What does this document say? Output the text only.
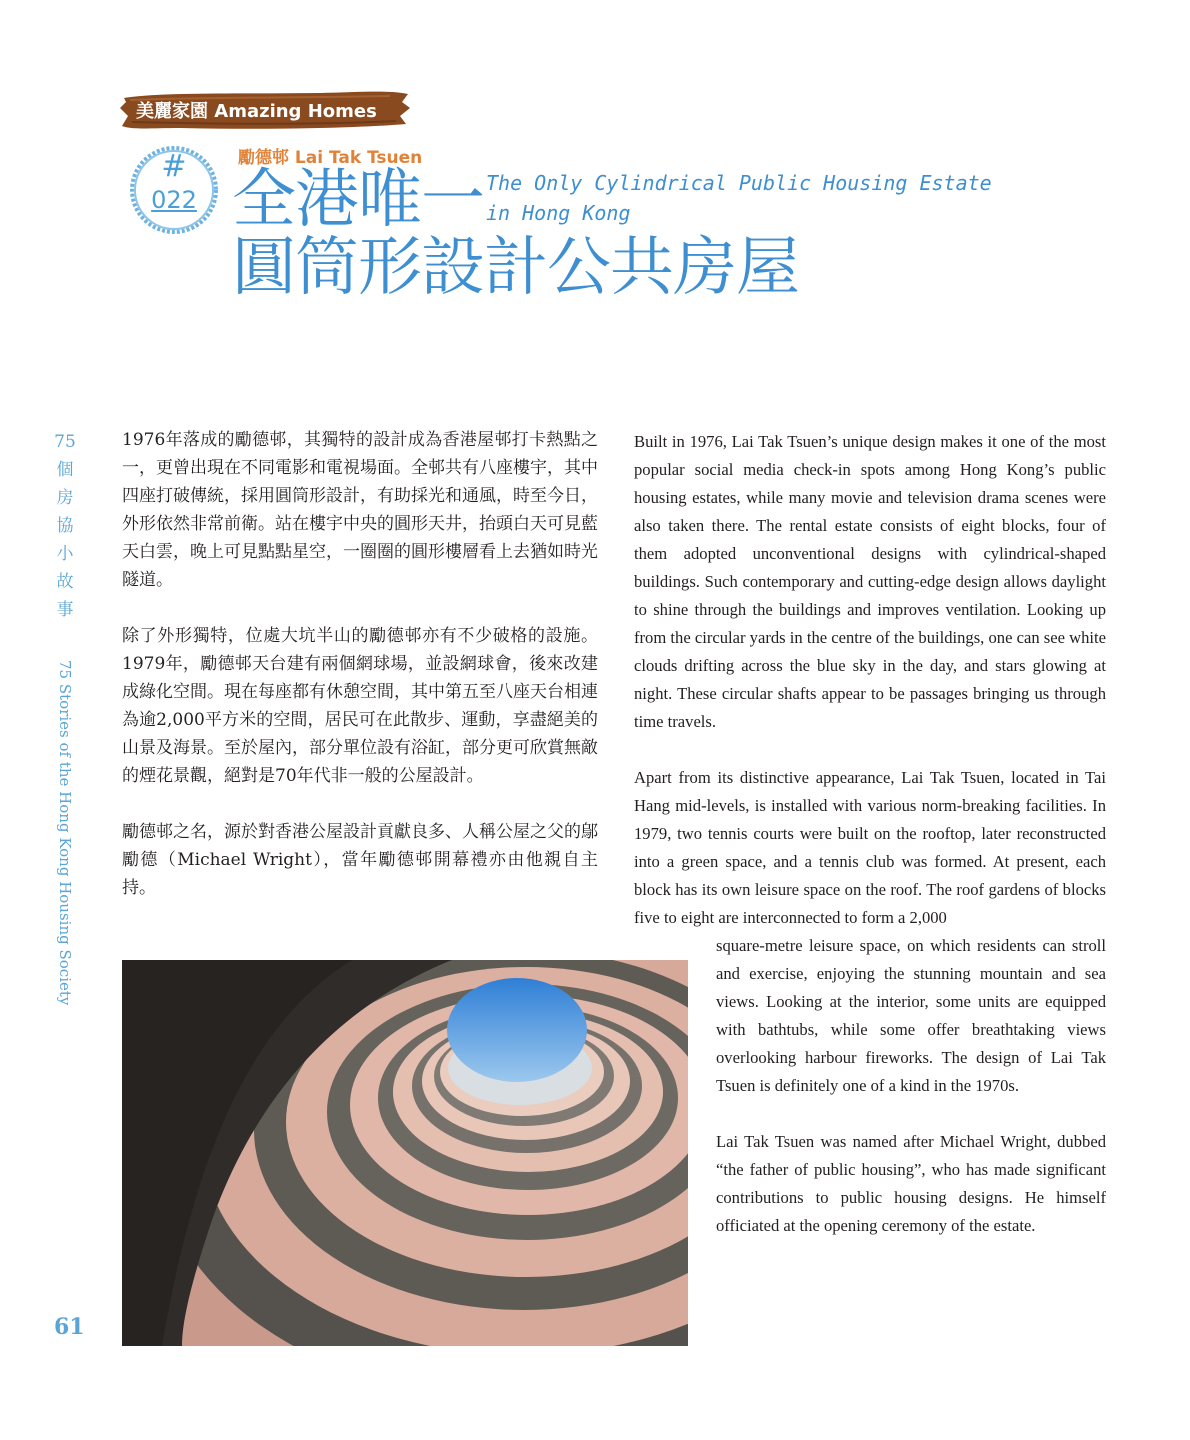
美麗家園 Amazing Homes
#
022
勵德邨 Lai Tak Tsuen
全港唯一
圓筒形設計公共房屋
The Only Cylindrical Public Housing Estate in Hong Kong
75
個
房
協
小
故
事
75 Stories of the Hong Kong Housing Society
61

1976年落成的勵德邨，其獨特的設計成為香港屋邨打卡熱點之一，更曾出現在不同電影和電視場面。全邨共有八座樓宇，其中四座打破傳統，採用圓筒形設計，有助採光和通風，時至今日，外形依然非常前衛。站在樓宇中央的圓形天井，抬頭白天可見藍天白雲，晚上可見點點星空，一圈圈的圓形樓層看上去猶如時光隧道。

除了外形獨特，位處大坑半山的勵德邨亦有不少破格的設施。1979年，勵德邨天台建有兩個網球場，並設網球會，後來改建成綠化空間。現在每座都有休憩空間，其中第五至八座天台相連為逾2,000平方米的空間，居民可在此散步、運動，享盡絕美的山景及海景。至於屋內，部分單位設有浴缸，部分更可欣賞無敵的煙花景觀，絕對是70年代非一般的公屋設計。

勵德邨之名，源於對香港公屋設計貢獻良多、人稱公屋之父的鄔勵德（Michael Wright），當年勵德邨開幕禮亦由他親自主持。

Built in 1976, Lai Tak Tsuen’s unique design makes it one of the most popular social media check-in spots among Hong Kong’s public housing estates, while many movie and television drama scenes were also taken there. The rental estate consists of eight blocks, four of them adopted unconventional designs with cylindrical-shaped buildings. Such contemporary and cutting-edge design allows daylight to shine through the buildings and improves ventilation. Looking up from the circular yards in the centre of the buildings, one can see white clouds drifting across the blue sky in the day, and stars glowing at night. These circular shafts appear to be passages bringing us through time travels.

Apart from its distinctive appearance, Lai Tak Tsuen, located in Tai Hang mid-levels, is installed with various norm-breaking facilities. In 1979, two tennis courts were built on the rooftop, later reconstructed into a green space, and a tennis club was formed. At present, each block has its own leisure space on the roof. The roof gardens of blocks five to eight are interconnected to form a 2,000

square-metre leisure space, on which residents can stroll and exercise, enjoying the stunning mountain and sea views. Looking at the interior, some units are equipped with bathtubs, while some offer breathtaking views overlooking harbour fireworks. The design of Lai Tak Tsuen is definitely one of a kind in the 1970s.

Lai Tak Tsuen was named after Michael Wright, dubbed “the father of public housing”, who has made significant contributions to public housing designs. He himself officiated at the opening ceremony of the estate.
